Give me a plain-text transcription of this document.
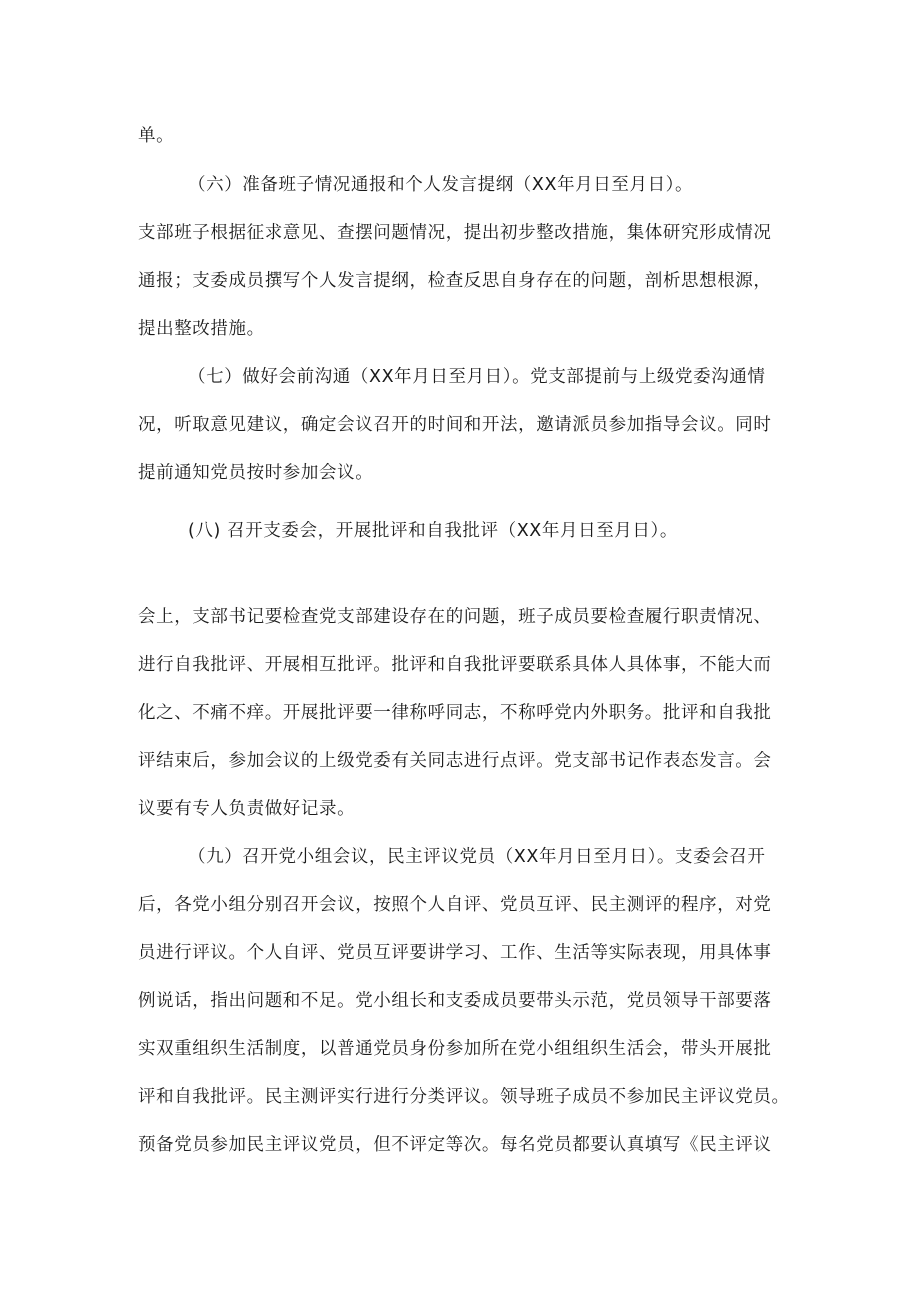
单。
（六）准备班子情况通报和个人发言提纲（XX年月日至月日）。
支部班子根据征求意见、查摆问题情况，提出初步整改措施，集体研究形成情况
通报；支委成员撰写个人发言提纲，检查反思自身存在的问题，剖析思想根源，
提出整改措施。
（七）做好会前沟通（XX年月日至月日）。党支部提前与上级党委沟通情
况，听取意见建议，确定会议召开的时间和开法，邀请派员参加指导会议。同时
提前通知党员按时参加会议。
(八) 召开支委会，开展批评和自我批评（XX年月日至月日）。
会上，支部书记要检查党支部建设存在的问题，班子成员要检查履行职责情况、
进行自我批评、开展相互批评。批评和自我批评要联系具体人具体事，不能大而
化之、不痛不痒。开展批评要一律称呼同志，不称呼党内外职务。批评和自我批
评结束后，参加会议的上级党委有关同志进行点评。党支部书记作表态发言。会
议要有专人负责做好记录。
（九）召开党小组会议，民主评议党员（XX年月日至月日）。支委会召开
后，各党小组分别召开会议，按照个人自评、党员互评、民主测评的程序，对党
员进行评议。个人自评、党员互评要讲学习、工作、生活等实际表现，用具体事
例说话，指出问题和不足。党小组长和支委成员要带头示范，党员领导干部要落
实双重组织生活制度，以普通党员身份参加所在党小组组织生活会，带头开展批
评和自我批评。民主测评实行进行分类评议。领导班子成员不参加民主评议党员。
预备党员参加民主评议党员，但不评定等次。每名党员都要认真填写《民主评议
